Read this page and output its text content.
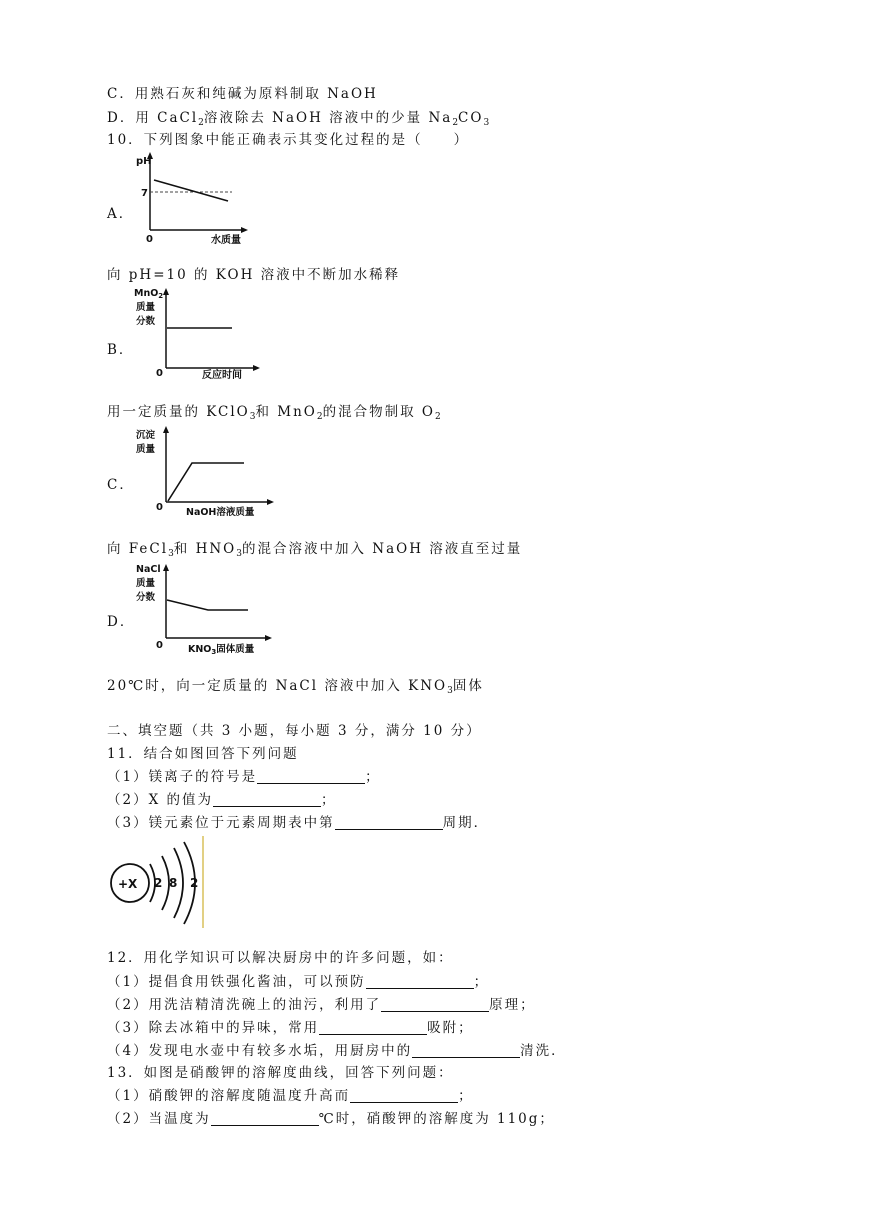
C．用熟石灰和纯碱为原料制取 NaOH
D．用 CaCl$_2$溶液除去 NaOH 溶液中的少量 $Na_2CO_3$
10．下列图象中能正确表示其变化过程的是（　　）
A．
pH
7
0	水质量
向 pH=10 的 KOH 溶液中不断加水稀释
B．
MnO$_2$
质量
分数
0	反应时间
用一定质量的 KClO$_3$和 MnO$_2$的混合物制取 $O_2$
C．
沉淀
质量
0 NaOH溶液质量
向 FeCl$_3$和 $HNO_3$的混合溶液中加入 NaOH 溶液直至过量
D．
NaCl
质量
分数
0	$KNO_3$固体质量
20℃时，向一定质量的 NaCl 溶液中加入 $KNO_3$固体
二、填空题（共 3 小题，每小题 3 分，满分 10 分）
11．结合如图回答下列问题
（1）镁离子的符号是	；
（2）X 的值为	；
（3）镁元素位于元素周期表中第	周期．
+X 2 8 2
12．用化学知识可以解决厨房中的许多问题，如：
（1）提倡食用铁强化酱油，可以预防	；
（2）用洗洁精清洗碗上的油污，利用了	原理；
（3）除去冰箱中的异味，常用	吸附；
（4）发现电水壶中有较多水垢，用厨房中的	清洗．
13．如图是硝酸钾的溶解度曲线，回答下列问题：
（1）硝酸钾的溶解度随温度升高而	；
（2）当温度为	℃时，硝酸钾的溶解度为 110g；
